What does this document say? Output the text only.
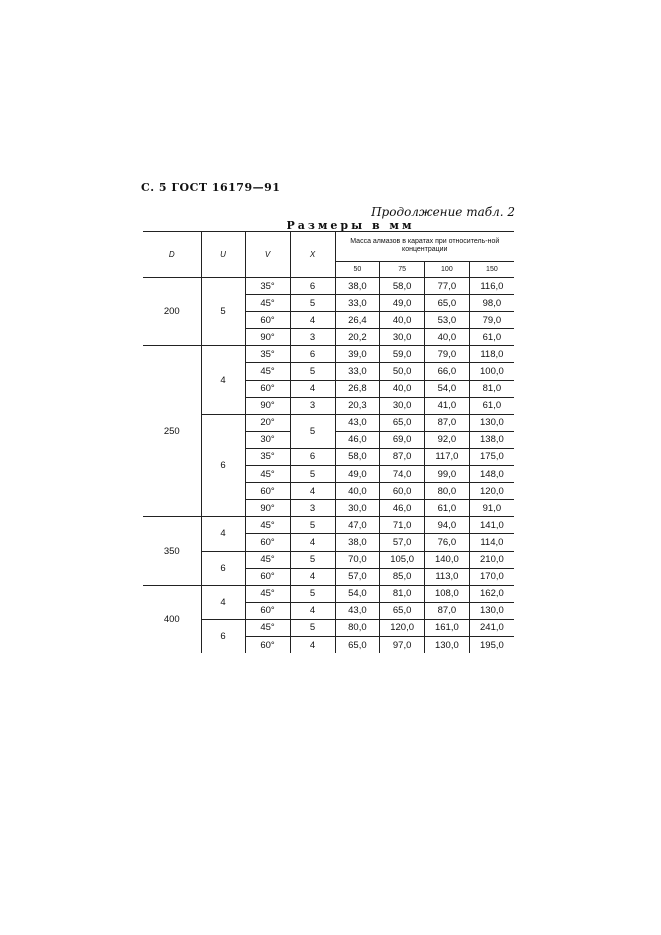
С. 5 ГОСТ 16179—91
Продолжение табл. 2
Размеры в мм
D	U	V	X	Масса алмазов в каратах при относитель-ной концентрации			
				50	75	100	150
200	5	35°	6	38,0	58,0	77,0	116,0
		45°	5	33,0	49,0	65,0	98,0
		60°	4	26,4	40,0	53,0	79,0
		90°	3	20,2	30,0	40,0	61,0
250	4	35°	6	39,0	59,0	79,0	118,0
		45°	5	33,0	50,0	66,0	100,0
		60°	4	26,8	40,0	54,0	81,0
		90°	3	20,3	30,0	41,0	61,0
	6	20°	5	43,0	65,0	87,0	130,0
		30°		46,0	69,0	92,0	138,0
		35°	6	58,0	87,0	117,0	175,0
		45°	5	49,0	74,0	99,0	148,0
		60°	4	40,0	60,0	80,0	120,0
		90°	3	30,0	46,0	61,0	91,0
350	4	45°	5	47,0	71,0	94,0	141,0
		60°	4	38,0	57,0	76,0	114,0
	6	45°	5	70,0	105,0	140,0	210,0
		60°	4	57,0	85,0	113,0	170,0
400	4	45°	5	54,0	81,0	108,0	162,0
		60°	4	43,0	65,0	87,0	130,0
	6	45°	5	80,0	120,0	161,0	241,0
		60°	4	65,0	97,0	130,0	195,0
